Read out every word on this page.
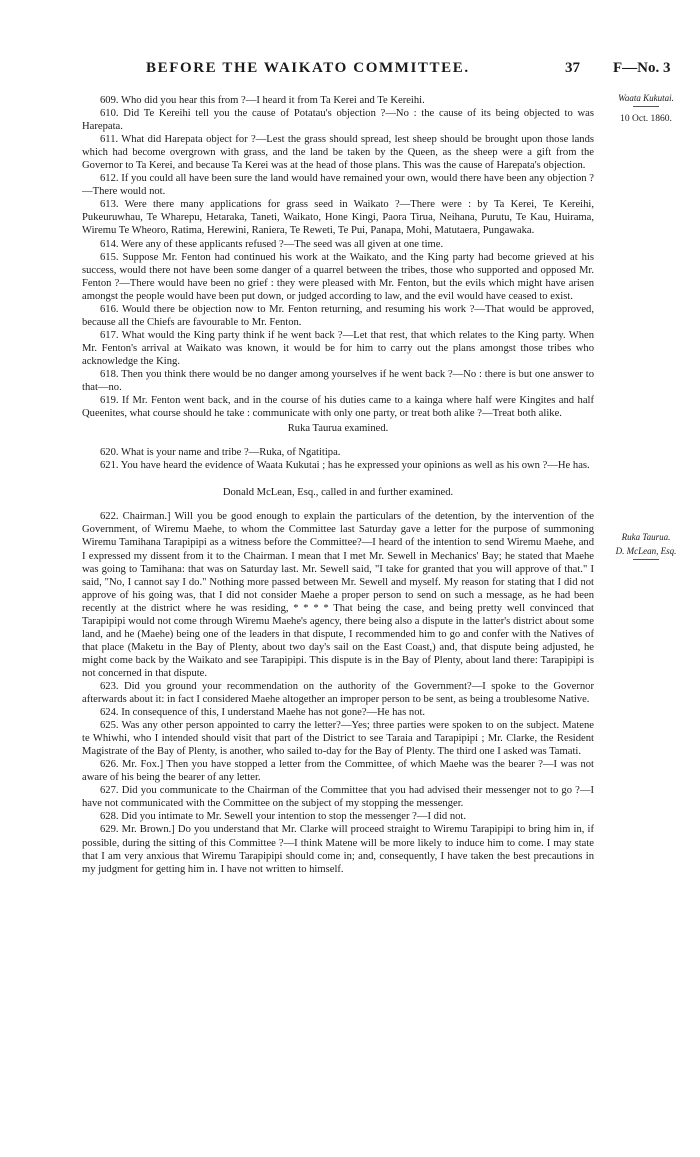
BEFORE THE WAIKATO COMMITTEE.	37 F—No. 3
Waata Kukutai.
10 Oct. 1860.
Ruka Taurua.
D. McLean, Esq.

609. Who did you hear this from ?—I heard it from Ta Kerei and Te Kereihi.

610. Did Te Kereihi tell you the cause of Potatau's objection ?—No : the cause of its being objected to was Harepata.

611. What did Harepata object for ?—Lest the grass should spread, lest sheep should be brought upon those lands which had become overgrown with grass, and the land be taken by the Queen, as the sheep were a gift from the Governor to Ta Kerei, and because Ta Kerei was at the head of those plans. This was the cause of Harepata's objection.

612. If you could all have been sure the land would have remained your own, would there have been any objection ?—There would not.

613. Were there many applications for grass seed in Waikato ?—There were : by Ta Kerei, Te Kereihi, Pukeuruwhau, Te Wharepu, Hetaraka, Taneti, Waikato, Hone Kingi, Paora Tirua, Neihana, Purutu, Te Kau, Huirama, Wiremu Te Wheoro, Ratima, Herewini, Raniera, Te Reweti, Te Pui, Panapa, Mohi, Matutaera, Pungawaka.

614. Were any of these applicants refused ?—The seed was all given at one time.

615. Suppose Mr. Fenton had continued his work at the Waikato, and the King party had become grieved at his success, would there not have been some danger of a quarrel between the tribes, those who supported and opposed Mr. Fenton ?—There would have been no grief : they were pleased with Mr. Fenton, but the evils which might have arisen amongst the people would have been put down, or judged according to law, and the evil would have ceased to exist.

616. Would there be objection now to Mr. Fenton returning, and resuming his work ?—That would be approved, because all the Chiefs are favourable to Mr. Fenton.

617. What would the King party think if he went back ?—Let that rest, that which relates to the King party. When Mr. Fenton's arrival at Waikato was known, it would be for him to carry out the plans amongst those tribes who acknowledge the King.

618. Then you think there would be no danger among yourselves if he went back ?—No : there is but one answer to that—no.

619. If Mr. Fenton went back, and in the course of his duties came to a kainga where half were Kingites and half Queenites, what course should he take : communicate with only one party, or treat both alike ?—Treat both alike.

Ruka Taurua examined.

620. What is your name and tribe ?—Ruka, of Ngatitipa.

621. You have heard the evidence of Waata Kukutai ; has he expressed your opinions as well as his own ?—He has.

Donald McLean, Esq., called in and further examined.

622. Chairman.] Will you be good enough to explain the particulars of the detention, by the intervention of the Government, of Wiremu Maehe, to whom the Committee last Saturday gave a letter for the purpose of summoning Wiremu Tamihana Tarapipipi as a witness before the Committee?—I heard of the intention to send Wiremu Maehe, and I expressed my dissent from it to the Chairman. I mean that I met Mr. Sewell in Mechanics' Bay; he stated that Maehe was going to Tamihana: that was on Saturday last. Mr. Sewell said, "I take for granted that you will approve of that." I said, "No, I cannot say I do." Nothing more passed between Mr. Sewell and myself. My reason for stating that I did not approve of his going was, that I did not consider Maehe a proper person to send on such a message, as he had been recently at the district where he was residing, * * * * That being the case, and being pretty well convinced that Tarapipipi would not come through Wiremu Maehe's agency, there being also a dispute in the latter's district about some land, and he (Maehe) being one of the leaders in that dispute, I recommended him to go and confer with the Natives of that place (Maketu in the Bay of Plenty, about two day's sail on the East Coast,) and, that dispute being adjusted, he might come back by the Waikato and see Tarapipipi. This dispute is in the Bay of Plenty, about land there: Tarapipipi is not concerned in that dispute.

623. Did you ground your recommendation on the authority of the Government?—I spoke to the Governor afterwards about it: in fact I considered Maehe altogether an improper person to be sent, as being a troublesome Native.

624. In consequence of this, I understand Maehe has not gone?—He has not.

625. Was any other person appointed to carry the letter?—Yes; three parties were spoken to on the subject. Matene te Whiwhi, who I intended should visit that part of the District to see Taraia and Tarapipipi ; Mr. Clarke, the Resident Magistrate of the Bay of Plenty, is another, who sailed to-day for the Bay of Plenty. The third one I asked was Tamati.

626. Mr. Fox.] Then you have stopped a letter from the Committee, of which Maehe was the bearer ?—I was not aware of his being the bearer of any letter.

627. Did you communicate to the Chairman of the Committee that you had advised their messenger not to go ?—I have not communicated with the Committee on the subject of my stopping the messenger.

628. Did you intimate to Mr. Sewell your intention to stop the messenger ?—I did not.

629. Mr. Brown.] Do you understand that Mr. Clarke will proceed straight to Wiremu Tarapipipi to bring him in, if possible, during the sitting of this Committee ?—I think Matene will be more likely to induce him to come. I may state that I am very anxious that Wiremu Tarapipipi should come in; and, consequently, I have taken the best precautions in my judgment for getting him in. I have not written to himself.
